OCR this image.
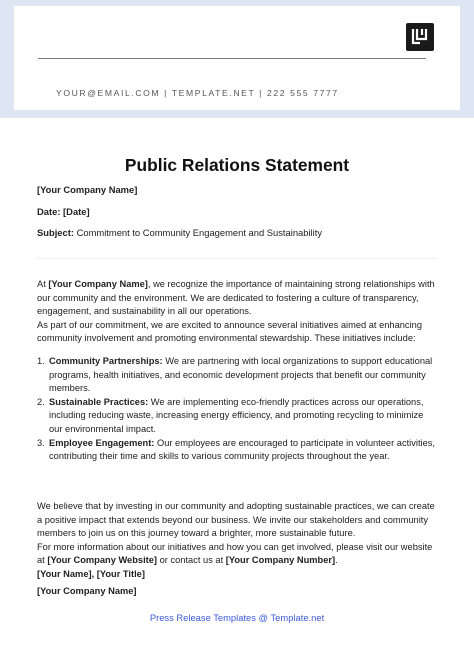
YOUR@EMAIL.COM | TEMPLATE.NET | 222 555 7777
Public Relations Statement
[Your Company Name]
Date: [Date]
Subject: Commitment to Community Engagement and Sustainability

At [Your Company Name], we recognize the importance of maintaining strong relationships with our community and the environment. We are dedicated to fostering a culture of transparency, engagement, and sustainability in all our operations.

As part of our commitment, we are excited to announce several initiatives aimed at enhancing community involvement and promoting environmental stewardship. These initiatives include:

1. Community Partnerships: We are partnering with local organizations to support educational programs, health initiatives, and economic development projects that benefit our community members.
2. Sustainable Practices: We are implementing eco-friendly practices across our operations, including reducing waste, increasing energy efficiency, and promoting recycling to minimize our environmental impact.
3. Employee Engagement: Our employees are encouraged to participate in volunteer activities, contributing their time and skills to various community projects throughout the year.

We believe that by investing in our community and adopting sustainable practices, we can create a positive impact that extends beyond our business. We invite our stakeholders and community members to join us on this journey toward a brighter, more sustainable future.

For more information about our initiatives and how you can get involved, please visit our website at [Your Company Website] or contact us at [Your Company Number].

[Your Name], [Your Title]

[Your Company Name]

Press Release Templates @ Template.net
